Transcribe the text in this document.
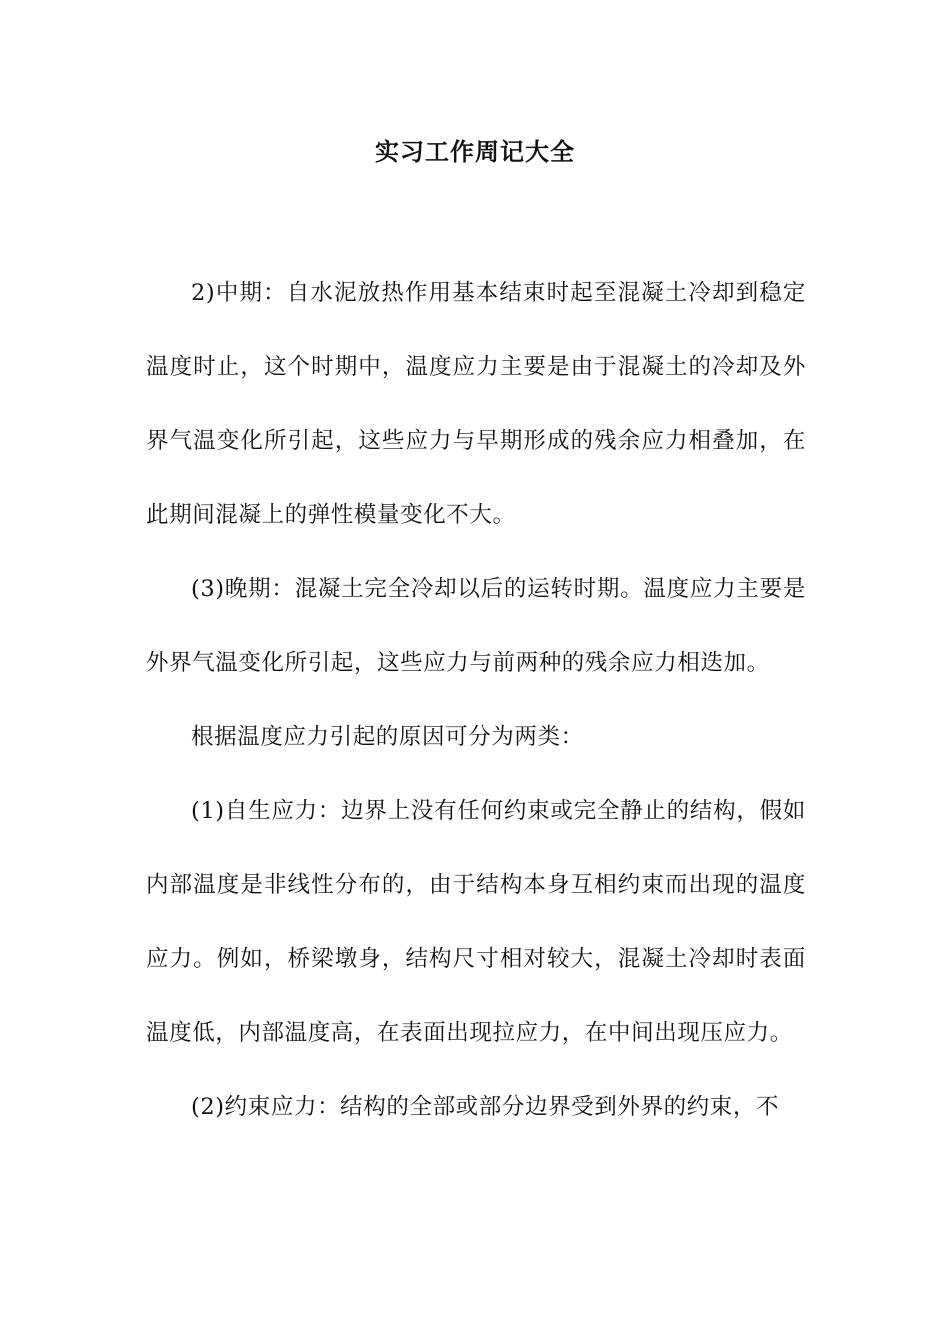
实习工作周记大全

2)中期：自水泥放热作用基本结束时起至混凝土冷却到稳定温度时止，这个时期中，温度应力主要是由于混凝土的冷却及外界气温变化所引起，这些应力与早期形成的残余应力相叠加，在此期间混凝上的弹性模量变化不大。

(3)晚期：混凝土完全冷却以后的运转时期。温度应力主要是外界气温变化所引起，这些应力与前两种的残余应力相迭加。

根据温度应力引起的原因可分为两类：

(1)自生应力：边界上没有任何约束或完全静止的结构，假如内部温度是非线性分布的，由于结构本身互相约束而出现的温度应力。例如，桥梁墩身，结构尺寸相对较大，混凝土冷却时表面温度低，内部温度高，在表面出现拉应力，在中间出现压应力。

(2)约束应力：结构的全部或部分边界受到外界的约束，不
